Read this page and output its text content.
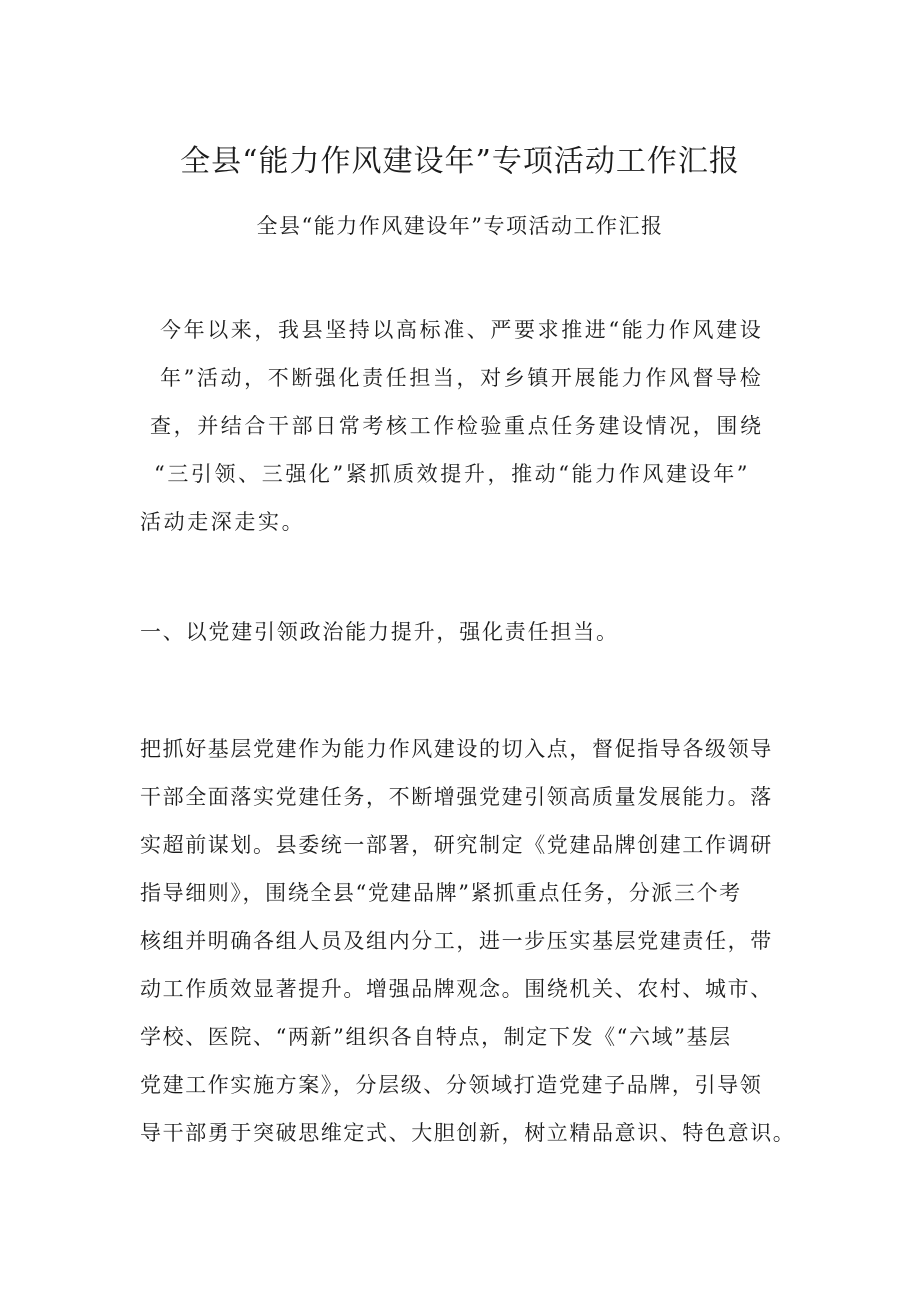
全县“能力作风建设年”专项活动工作汇报
全县“能力作风建设年”专项活动工作汇报
今年以来，我县坚持以高标准、严要求推进“能力作风建设
年”活动，不断强化责任担当，对乡镇开展能力作风督导检
查，并结合干部日常考核工作检验重点任务建设情况，围绕
“三引领、三强化”紧抓质效提升，推动“能力作风建设年”
活动走深走实。
一、以党建引领政治能力提升，强化责任担当。
把抓好基层党建作为能力作风建设的切入点，督促指导各级领导
干部全面落实党建任务，不断增强党建引领高质量发展能力。落
实超前谋划。县委统一部署，研究制定《党建品牌创建工作调研
指导细则》，围绕全县“党建品牌”紧抓重点任务，分派三个考
核组并明确各组人员及组内分工，进一步压实基层党建责任，带
动工作质效显著提升。增强品牌观念。围绕机关、农村、城市、
学校、医院、“两新”组织各自特点，制定下发《“六域”基层
党建工作实施方案》，分层级、分领域打造党建子品牌，引导领
导干部勇于突破思维定式、大胆创新，树立精品意识、特色意识。
